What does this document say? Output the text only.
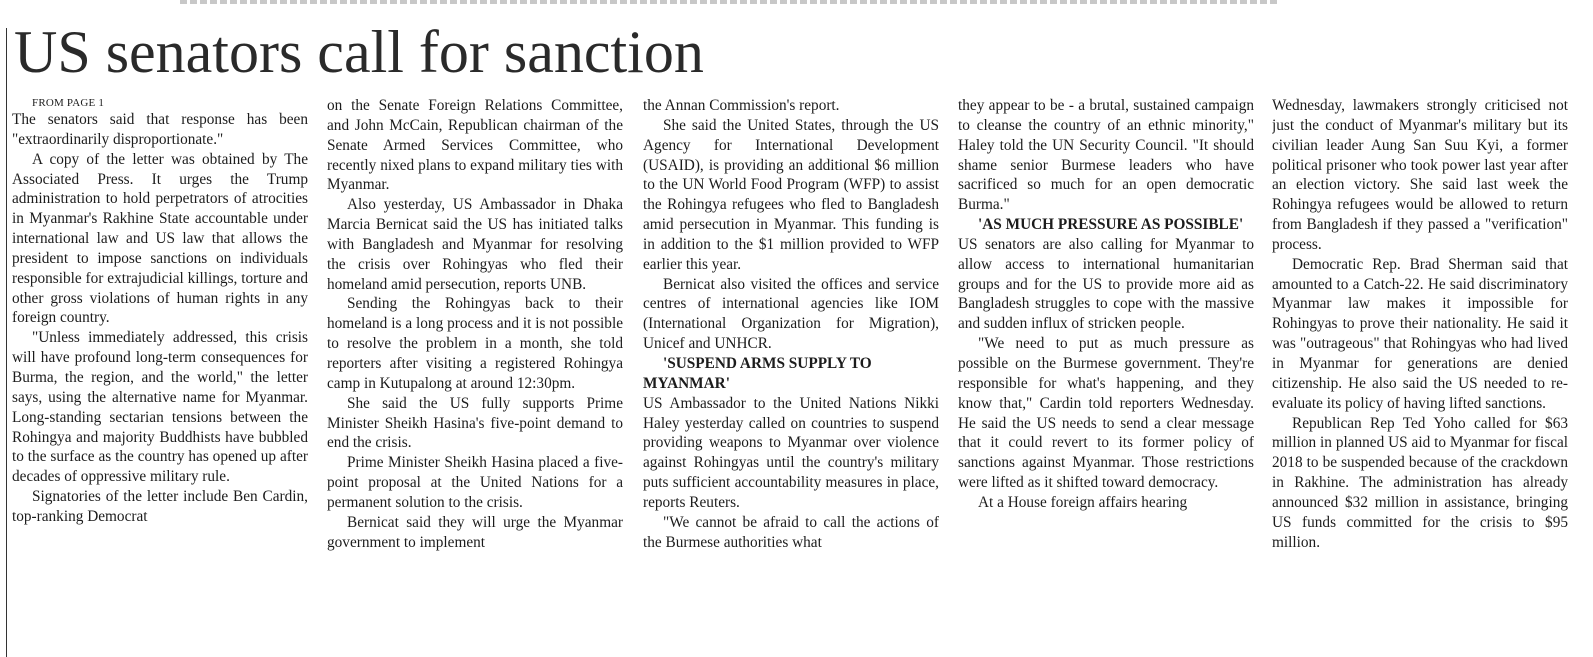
US senators call for sanction

FROM PAGE 1

The senators said that response has been "extraordinarily disproportionate."

A copy of the letter was obtained by The Associated Press. It urges the Trump administration to hold perpetrators of atrocities in Myanmar's Rakhine State accountable under international law and US law that allows the president to impose sanctions on individuals responsible for extrajudicial killings, torture and other gross violations of human rights in any foreign country.

"Unless immediately addressed, this crisis will have profound long-term consequences for Burma, the region, and the world," the letter says, using the alternative name for Myanmar. Long-standing sectarian tensions between the Rohingya and majority Buddhists have bubbled to the surface as the country has opened up after decades of oppressive military rule.

Signatories of the letter include Ben Cardin, top-ranking Democrat

on the Senate Foreign Relations Committee, and John McCain, Republican chairman of the Senate Armed Services Committee, who recently nixed plans to expand military ties with Myanmar.

Also yesterday, US Ambassador in Dhaka Marcia Bernicat said the US has initiated talks with Bangladesh and Myanmar for resolving the crisis over Rohingyas who fled their homeland amid persecution, reports UNB.

Sending the Rohingyas back to their homeland is a long process and it is not possible to resolve the problem in a month, she told reporters after visiting a registered Rohingya camp in Kutupalong at around 12:30pm.

She said the US fully supports Prime Minister Sheikh Hasina's five-point demand to end the crisis.

Prime Minister Sheikh Hasina placed a five-point proposal at the United Nations for a permanent solution to the crisis.

Bernicat said they will urge the Myanmar government to implement

the Annan Commission's report.

She said the United States, through the US Agency for International Development (USAID), is providing an additional $6 million to the UN World Food Program (WFP) to assist the Rohingya refugees who fled to Bangladesh amid persecution in Myanmar. This funding is in addition to the $1 million provided to WFP earlier this year.

Bernicat also visited the offices and service centres of international agencies like IOM (International Organization for Migration), Unicef and UNHCR.

'SUSPEND ARMS SUPPLY TO MYANMAR'

US Ambassador to the United Nations Nikki Haley yesterday called on countries to suspend providing weapons to Myanmar over violence against Rohingyas until the country's military puts sufficient accountability measures in place, reports Reuters.

"We cannot be afraid to call the actions of the Burmese authorities what

they appear to be - a brutal, sustained campaign to cleanse the country of an ethnic minority," Haley told the UN Security Council. "It should shame senior Burmese leaders who have sacrificed so much for an open democratic Burma."

'AS MUCH PRESSURE AS POSSIBLE'

US senators are also calling for Myanmar to allow access to international humanitarian groups and for the US to provide more aid as Bangladesh struggles to cope with the massive and sudden influx of stricken people.

"We need to put as much pressure as possible on the Burmese government. They're responsible for what's happening, and they know that," Cardin told reporters Wednesday. He said the US needs to send a clear message that it could revert to its former policy of sanctions against Myanmar. Those restrictions were lifted as it shifted toward democracy.

At a House foreign affairs hearing

Wednesday, lawmakers strongly criticised not just the conduct of Myanmar's military but its civilian leader Aung San Suu Kyi, a former political prisoner who took power last year after an election victory. She said last week the Rohingya refugees would be allowed to return from Bangladesh if they passed a "verification" process.

Democratic Rep. Brad Sherman said that amounted to a Catch-22. He said discriminatory Myanmar law makes it impossible for Rohingyas to prove their nationality. He said it was "outrageous" that Rohingyas who had lived in Myanmar for generations are denied citizenship. He also said the US needed to re-evaluate its policy of having lifted sanctions.

Republican Rep Ted Yoho called for $63 million in planned US aid to Myanmar for fiscal 2018 to be suspended because of the crackdown in Rakhine. The administration has already announced $32 million in assistance, bringing US funds committed for the crisis to $95 million.
